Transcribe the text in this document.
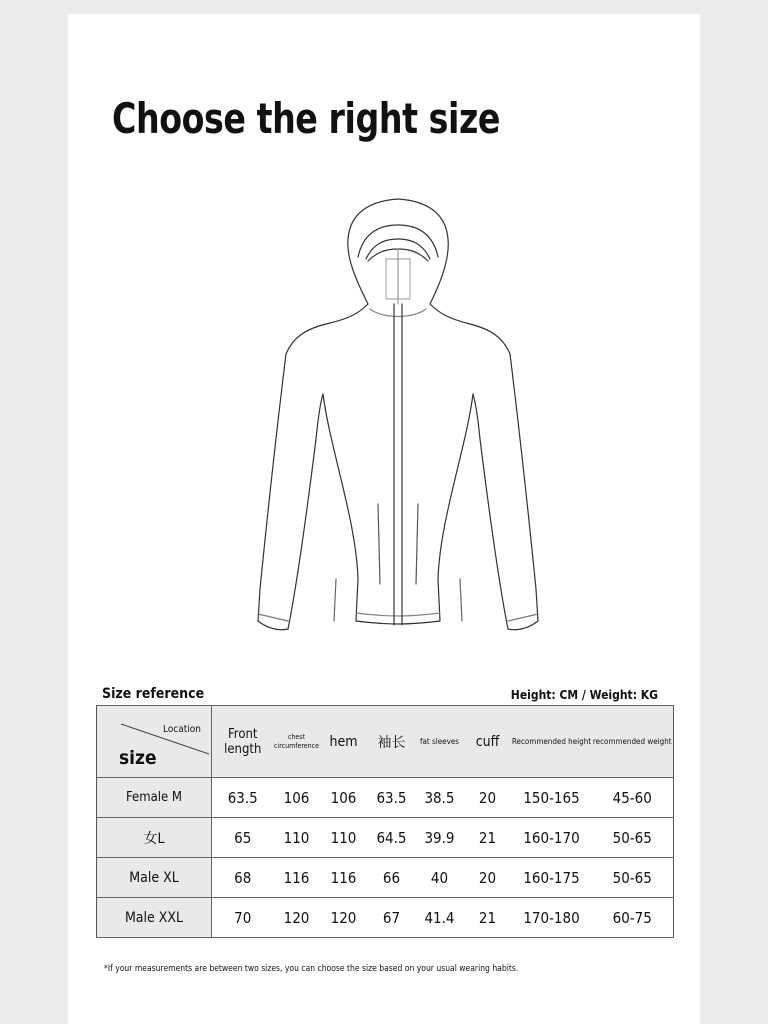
Choose the right size
Size reference	Height: CM / Weight: KG
Location
size	Front length	chest circumference	hem	袖长	fat sleeves	cuff	Recommended height	recommended weight
Female M	63.5	106	106	63.5	38.5	20	150-165	45-60
女L	65	110	110	64.5	39.9	21	160-170	50-65
Male XL	68	116	116	66	40	20	160-175	50-65
Male XXL	70	120	120	67	41.4	21	170-180	60-75
*If your measurements are between two sizes, you can choose the size based on your usual wearing habits.
